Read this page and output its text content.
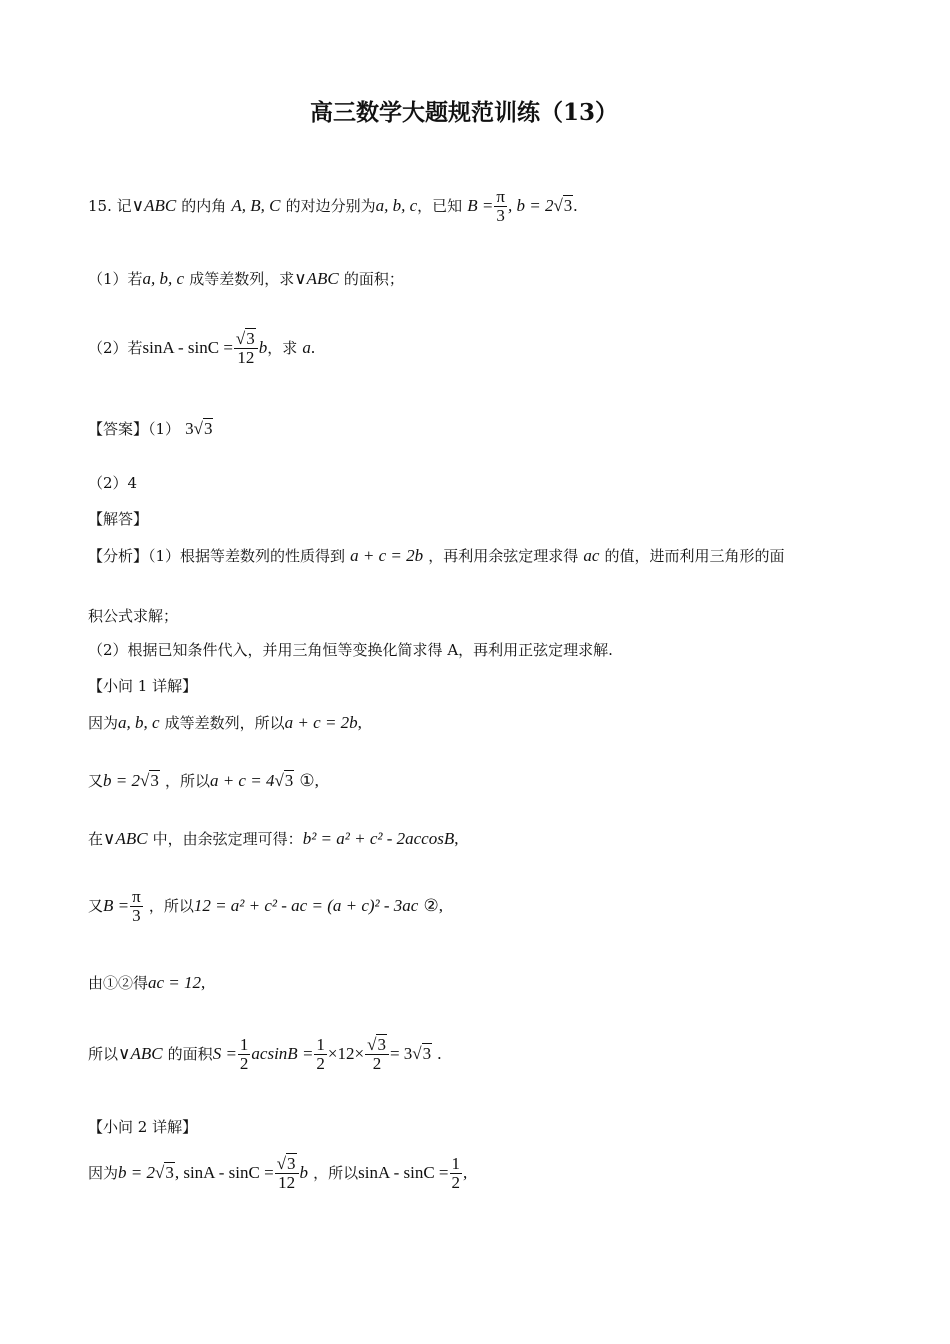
高三数学大题规范训练（13）
15. 记∨ABC 的内角 A, B, C 的对边分别为a, b, c，已知 $B = \frac{\pi}{3}$ , b = 2√3.
（1）若a, b, c 成等差数列，求∨ABC 的面积；
（2）若$\sin A - \sin C = \frac{√3}{12}$ b，求 a.
【答案】（1） 3√3
（2）4
【解答】
【分析】（1）根据等差数列的性质得到 a + c = 2b ，再利用余弦定理求得 ac 的值，进而利用三角形的面
积公式求解；
（2）根据已知条件代入，并用三角恒等变换化简求得 A，再利用正弦定理求解.
【小问 1 详解】
因为a, b, c 成等差数列，所以a + c = 2b,
又b = 2√3 ，所以a + c = 4√3 ①,
在∨ABC 中，由余弦定理可得：b² = a² + c² - 2accosB,
又$B = \frac{\pi}{3}$ ，所以12 = a² + c² - ac = (a + c)² - 3ac ②,
由①②得ac = 12,
所以∨ABC 的面积$S = \frac{1}{2}$ $acsinB = \frac{1}{2} \times 12\times \frac{√3}{2} = 3√3$ .
【小问 2 详解】
因为b = 2√3, $\sin A - \sin C = \frac{√3}{12}$ b ，所以$\sin A - \sin C = \frac{1}{2}$ ,
